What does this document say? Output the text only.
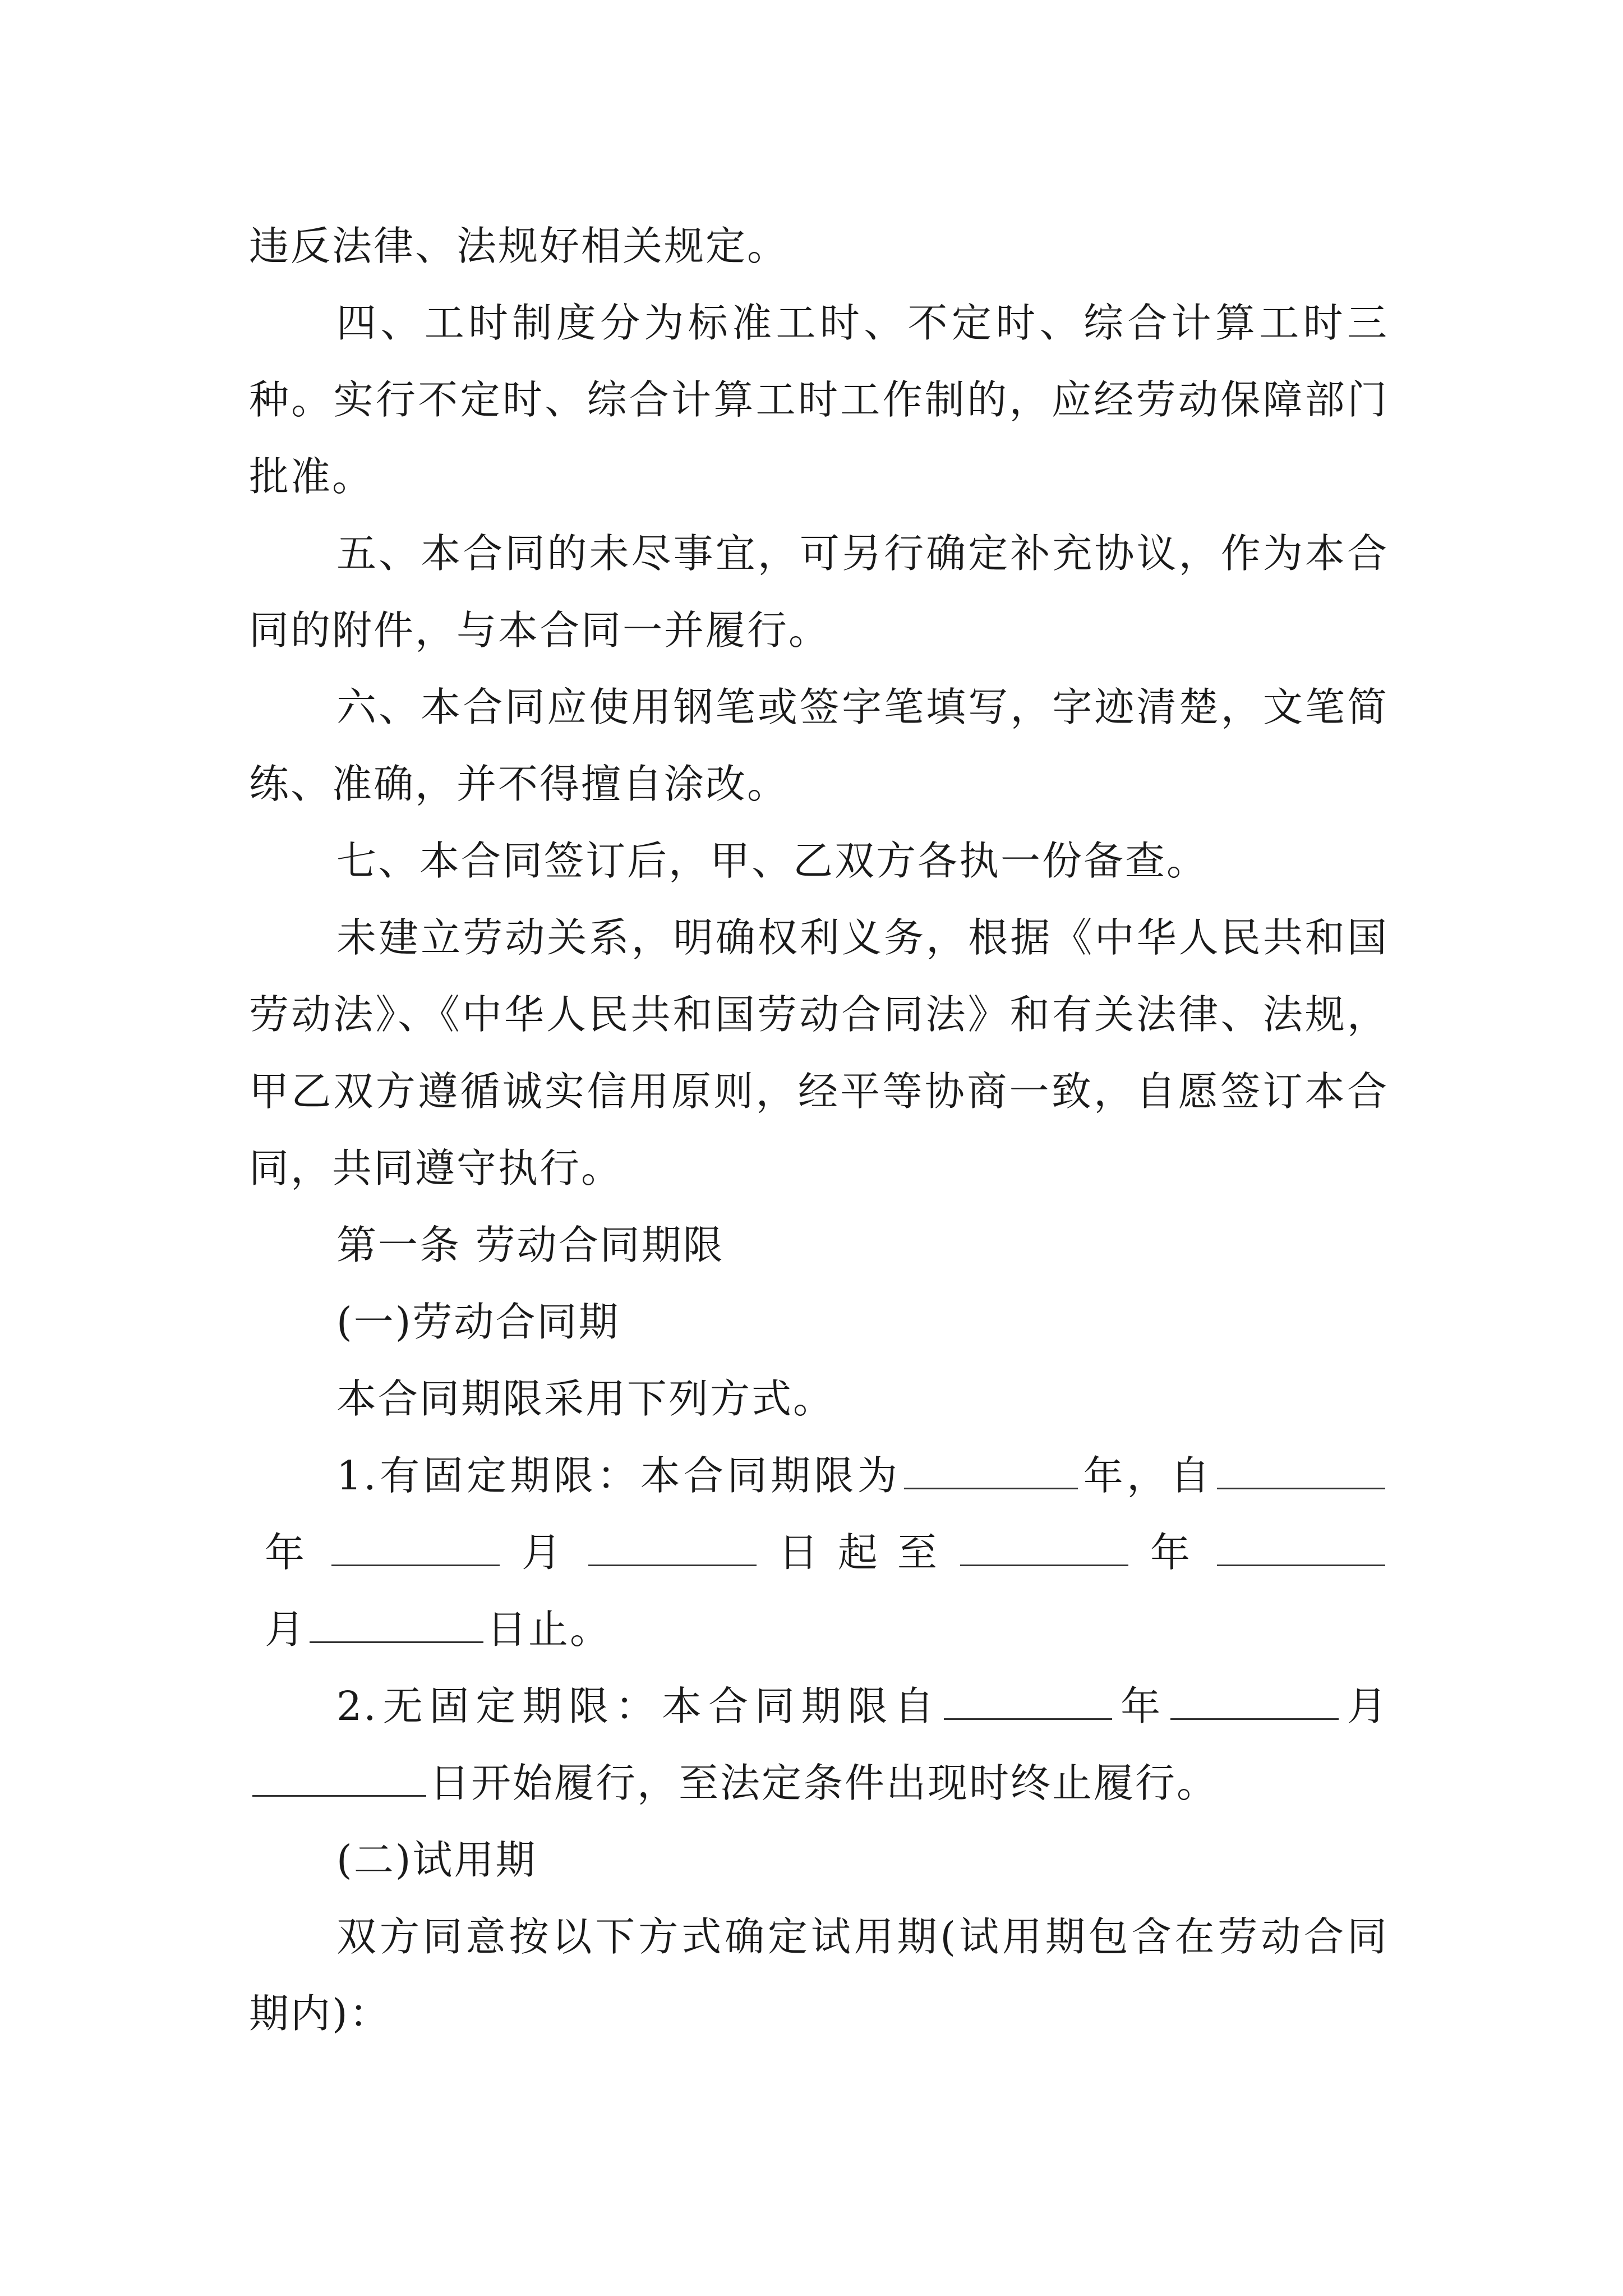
违反法律、法规好相关规定。

四、工时制度分为标准工时、不定时、综合计算工时三种。实行不定时、综合计算工时工作制的，应经劳动保障部门批准。

五、本合同的未尽事宜，可另行确定补充协议，作为本合同的附件，与本合同一并履行。

六、本合同应使用钢笔或签字笔填写，字迹清楚，文笔简练、准确，并不得擅自涂改。

七、本合同签订后，甲、乙双方各执一份备查。

未建立劳动关系，明确权利义务，根据《中华人民共和国劳动法》、《中华人民共和国劳动合同法》和有关法律、法规，甲乙双方遵循诚实信用原则，经平等协商一致，自愿签订本合同，共同遵守执行。

第一条 劳动合同期限

(一)劳动合同期

本合同期限采用下列方式。

1.有固定期限：本合同期限为	年，自年	月	日起至	年月	日止。

2.无固定期限：本合同期限自	年	月日开始履行，至法定条件出现时终止履行。

(二)试用期

双方同意按以下方式确定试用期(试用期包含在劳动合同期内)：
